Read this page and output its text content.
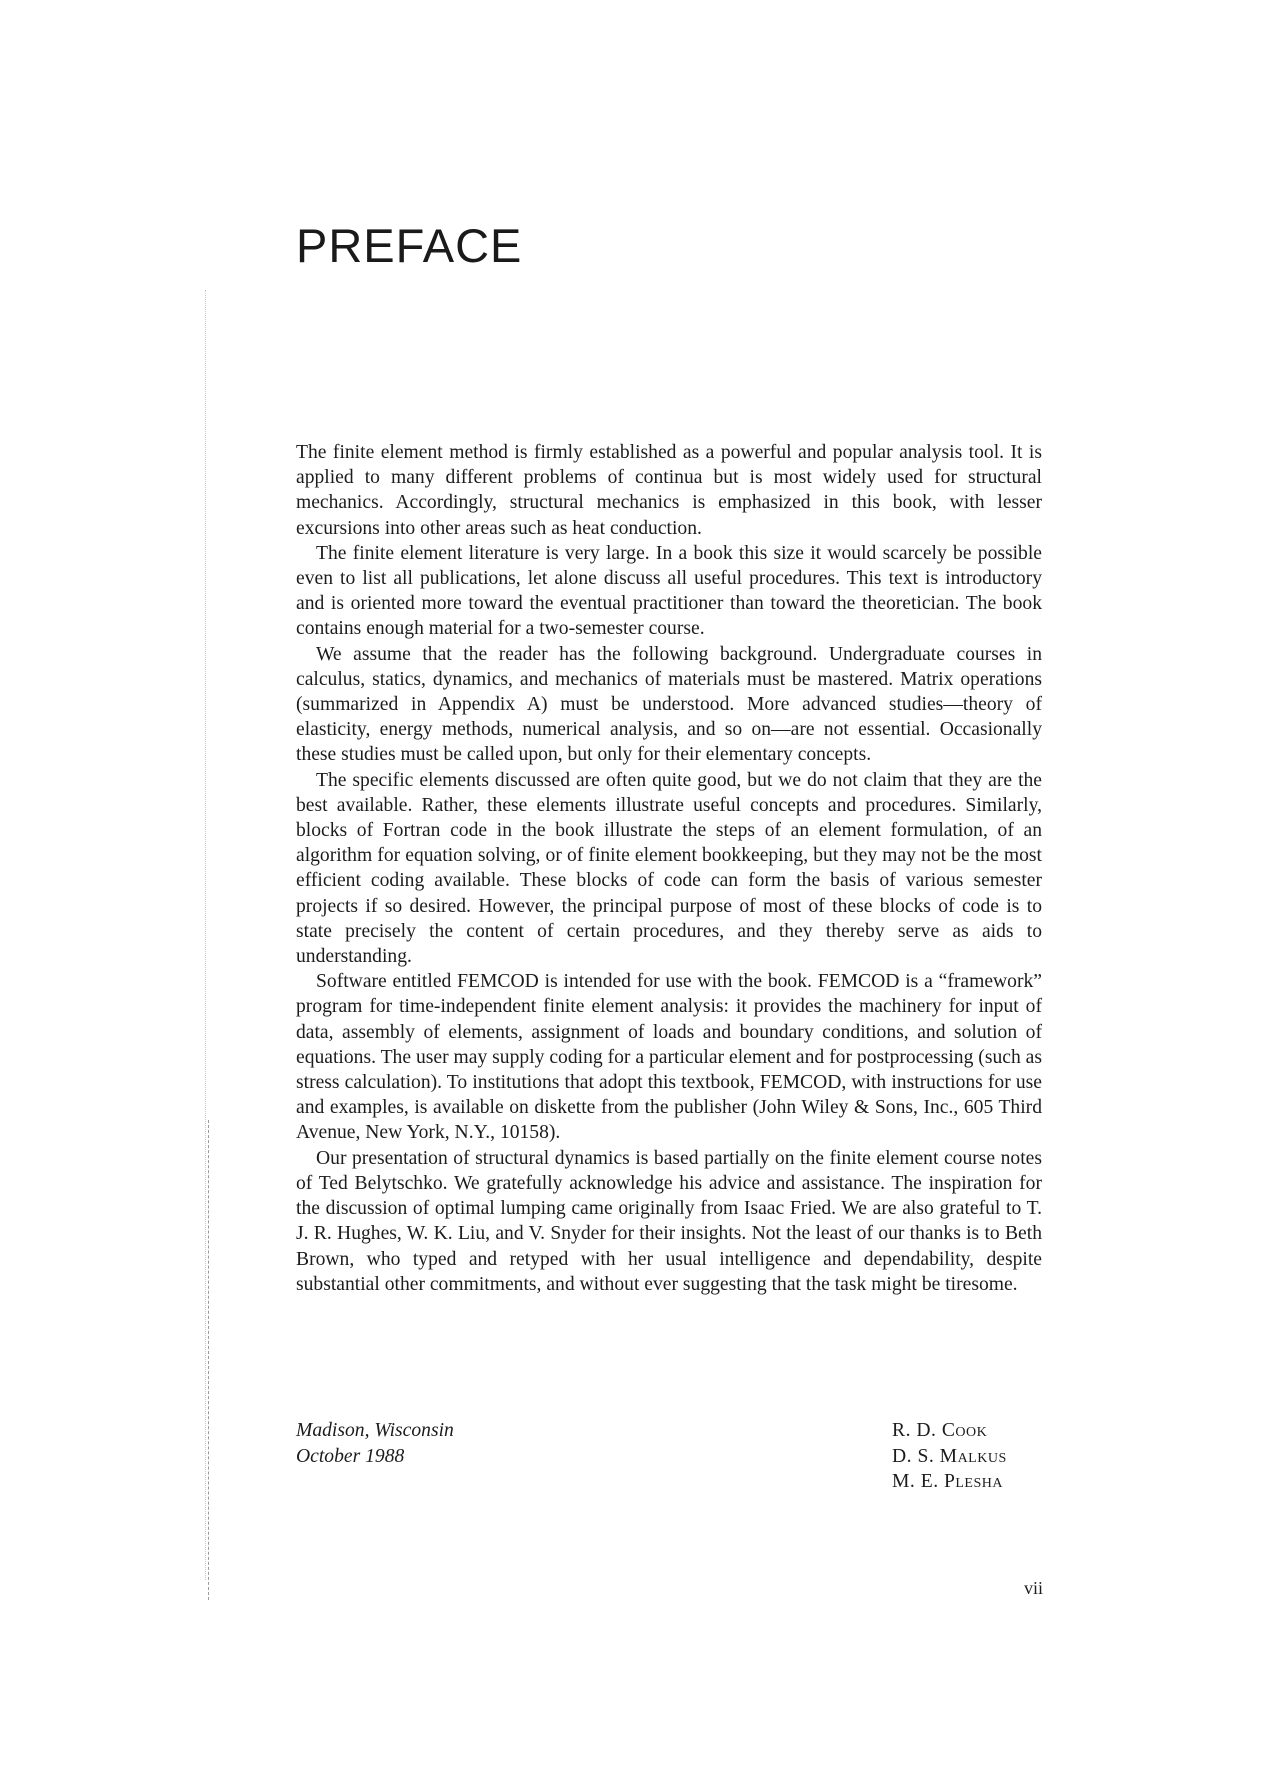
PREFACE

The finite element method is firmly established as a powerful and popular analysis tool. It is applied to many different problems of continua but is most widely used for structural mechanics. Accordingly, structural mechanics is emphasized in this book, with lesser excursions into other areas such as heat conduction.

The finite element literature is very large. In a book this size it would scarcely be possible even to list all publications, let alone discuss all useful procedures. This text is introductory and is oriented more toward the eventual practitioner than toward the theoretician. The book contains enough material for a two-semester course.

We assume that the reader has the following background. Undergraduate courses in calculus, statics, dynamics, and mechanics of materials must be mastered. Matrix operations (summarized in Appendix A) must be understood. More advanced studies—theory of elasticity, energy methods, numerical analysis, and so on—are not essential. Occasionally these studies must be called upon, but only for their elementary concepts.

The specific elements discussed are often quite good, but we do not claim that they are the best available. Rather, these elements illustrate useful concepts and procedures. Similarly, blocks of Fortran code in the book illustrate the steps of an element formulation, of an algorithm for equation solving, or of finite element bookkeeping, but they may not be the most efficient coding available. These blocks of code can form the basis of various semester projects if so desired. However, the principal purpose of most of these blocks of code is to state precisely the content of certain procedures, and they thereby serve as aids to understanding.

Software entitled FEMCOD is intended for use with the book. FEMCOD is a “framework” program for time-independent finite element analysis: it provides the machinery for input of data, assembly of elements, assignment of loads and boundary conditions, and solution of equations. The user may supply coding for a particular element and for postprocessing (such as stress calculation). To institutions that adopt this textbook, FEMCOD, with instructions for use and examples, is available on diskette from the publisher (John Wiley & Sons, Inc., 605 Third Avenue, New York, N.Y., 10158).

Our presentation of structural dynamics is based partially on the finite element course notes of Ted Belytschko. We gratefully acknowledge his advice and assistance. The inspiration for the discussion of optimal lumping came originally from Isaac Fried. We are also grateful to T. J. R. Hughes, W. K. Liu, and V. Snyder for their insights. Not the least of our thanks is to Beth Brown, who typed and retyped with her usual intelligence and dependability, despite substantial other commitments, and without ever suggesting that the task might be tiresome.

Madison, Wisconsin
October 1988
R. D. Cook
D. S. Malkus
M. E. Plesha
vii
